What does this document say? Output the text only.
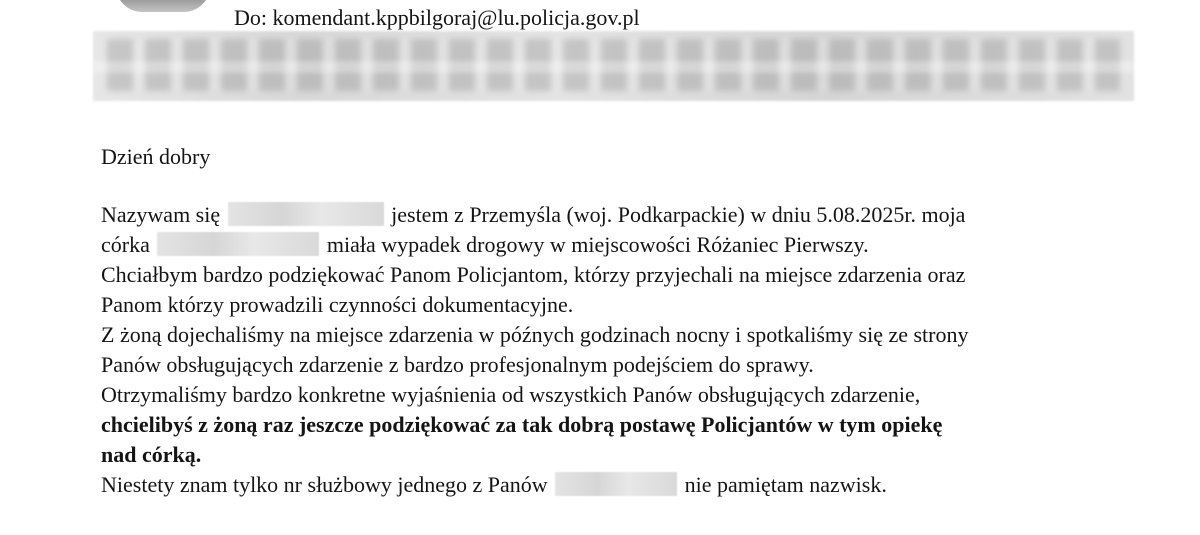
Do: komendant.kppbilgoraj@lu.policja.gov.pl
Dzień dobry
Nazywam się	jestem z Przemyśla (woj. Podkarpackie) w dniu 5.08.2025r. moja
córka	miała wypadek drogowy w miejscowości Różaniec Pierwszy.
Chciałbym bardzo podziękować Panom Policjantom, którzy przyjechali na miejsce zdarzenia oraz
Panom którzy prowadzili czynności dokumentacyjne.
Z żoną dojechaliśmy na miejsce zdarzenia w późnych godzinach nocny i spotkaliśmy się ze strony
Panów obsługujących zdarzenie z bardzo profesjonalnym podejściem do sprawy.
Otrzymaliśmy bardzo konkretne wyjaśnienia od wszystkich Panów obsługujących zdarzenie,
chcielibyś z żoną raz jeszcze podziękować za tak dobrą postawę Policjantów w tym opiekę
nad córką.
Niestety znam tylko nr służbowy jednego z Panów	nie pamiętam nazwisk.
